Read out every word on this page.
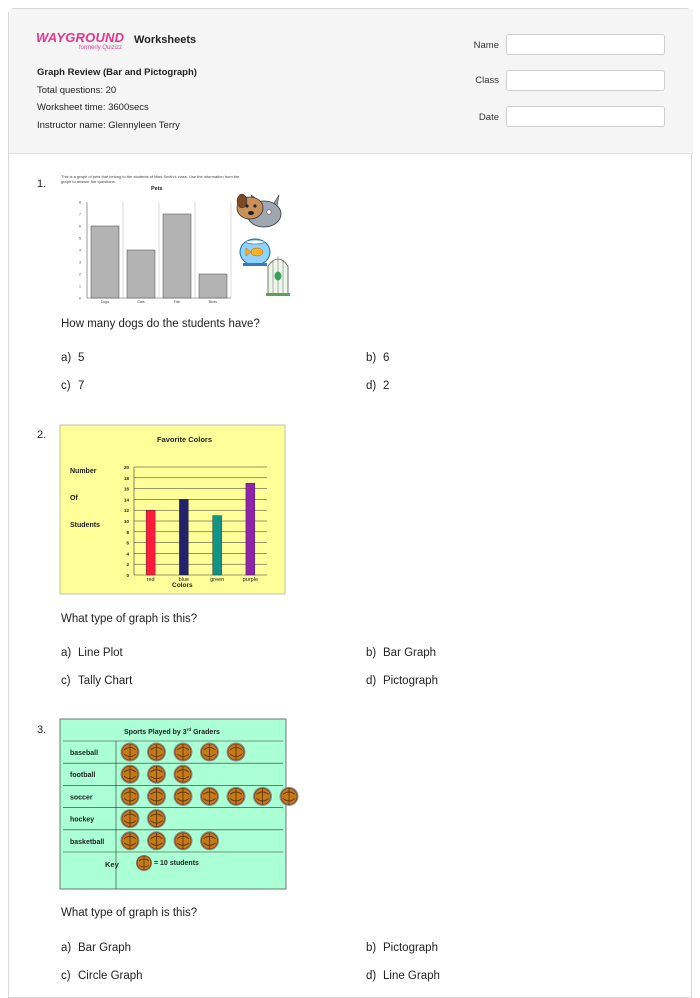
WAYGROUND
formerly Quizizz
Worksheets
Graph Review (Bar and Pictograph)
Total questions: 20
Worksheet time: 3600secs
Instructor name: Glennyleen Terry
Name
Class
Date
1.
This is a graph of pets that belong to the students of Miss Smith's class. Use the information from the
graph to answer the questions.
Pets
0
1
2
3
4
5
6
7
8
Dogs	Cats	Fish	Birds
How many dogs do the students have?
a) 5	b) 6
c) 7	d) 2
2.	Favorite Colors
Number
Of
Students
0
2
4
6
8
10
12
14
16
18
20
red	blue	green	purple
Colors
What type of graph is this?
a) Line Plot	b) Bar Graph
c) Tally Chart	d) Pictograph
3.	Sports Played by 3rd Graders
baseball
football
soccer
hockey
basketball
Key	= 10 students
What type of graph is this?
a) Bar Graph	b) Pictograph
c) Circle Graph	d) Line Graph
